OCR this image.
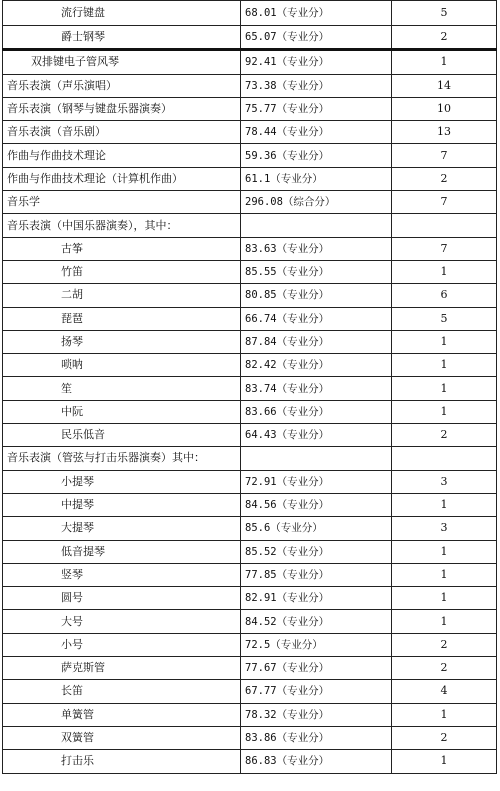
流行键盘	68.01（专业分）	5
爵士钢琴	65.07（专业分）	2
双排键电子管风琴	92.41（专业分）	1
音乐表演（声乐演唱）	73.38（专业分）	14
音乐表演（钢琴与键盘乐器演奏）	75.77（专业分）	10
音乐表演（音乐剧）	78.44（专业分）	13
作曲与作曲技术理论	59.36（专业分）	7
作曲与作曲技术理论（计算机作曲）	61.1（专业分）	2
音乐学	296.08（综合分）	7
音乐表演（中国乐器演奏），其中：		
古筝	83.63（专业分）	7
竹笛	85.55（专业分）	1
二胡	80.85（专业分）	6
琵琶	66.74（专业分）	5
扬琴	87.84（专业分）	1
唢呐	82.42（专业分）	1
笙	83.74（专业分）	1
中阮	83.66（专业分）	1
民乐低音	64.43（专业分）	2
音乐表演（管弦与打击乐器演奏）其中：		
小提琴	72.91（专业分）	3
中提琴	84.56（专业分）	1
大提琴	85.6（专业分）	3
低音提琴	85.52（专业分）	1
竖琴	77.85（专业分）	1
圆号	82.91（专业分）	1
大号	84.52（专业分）	1
小号	72.5（专业分）	2
萨克斯管	77.67（专业分）	2
长笛	67.77（专业分）	4
单簧管	78.32（专业分）	1
双簧管	83.86（专业分）	2
打击乐	86.83（专业分）	1
